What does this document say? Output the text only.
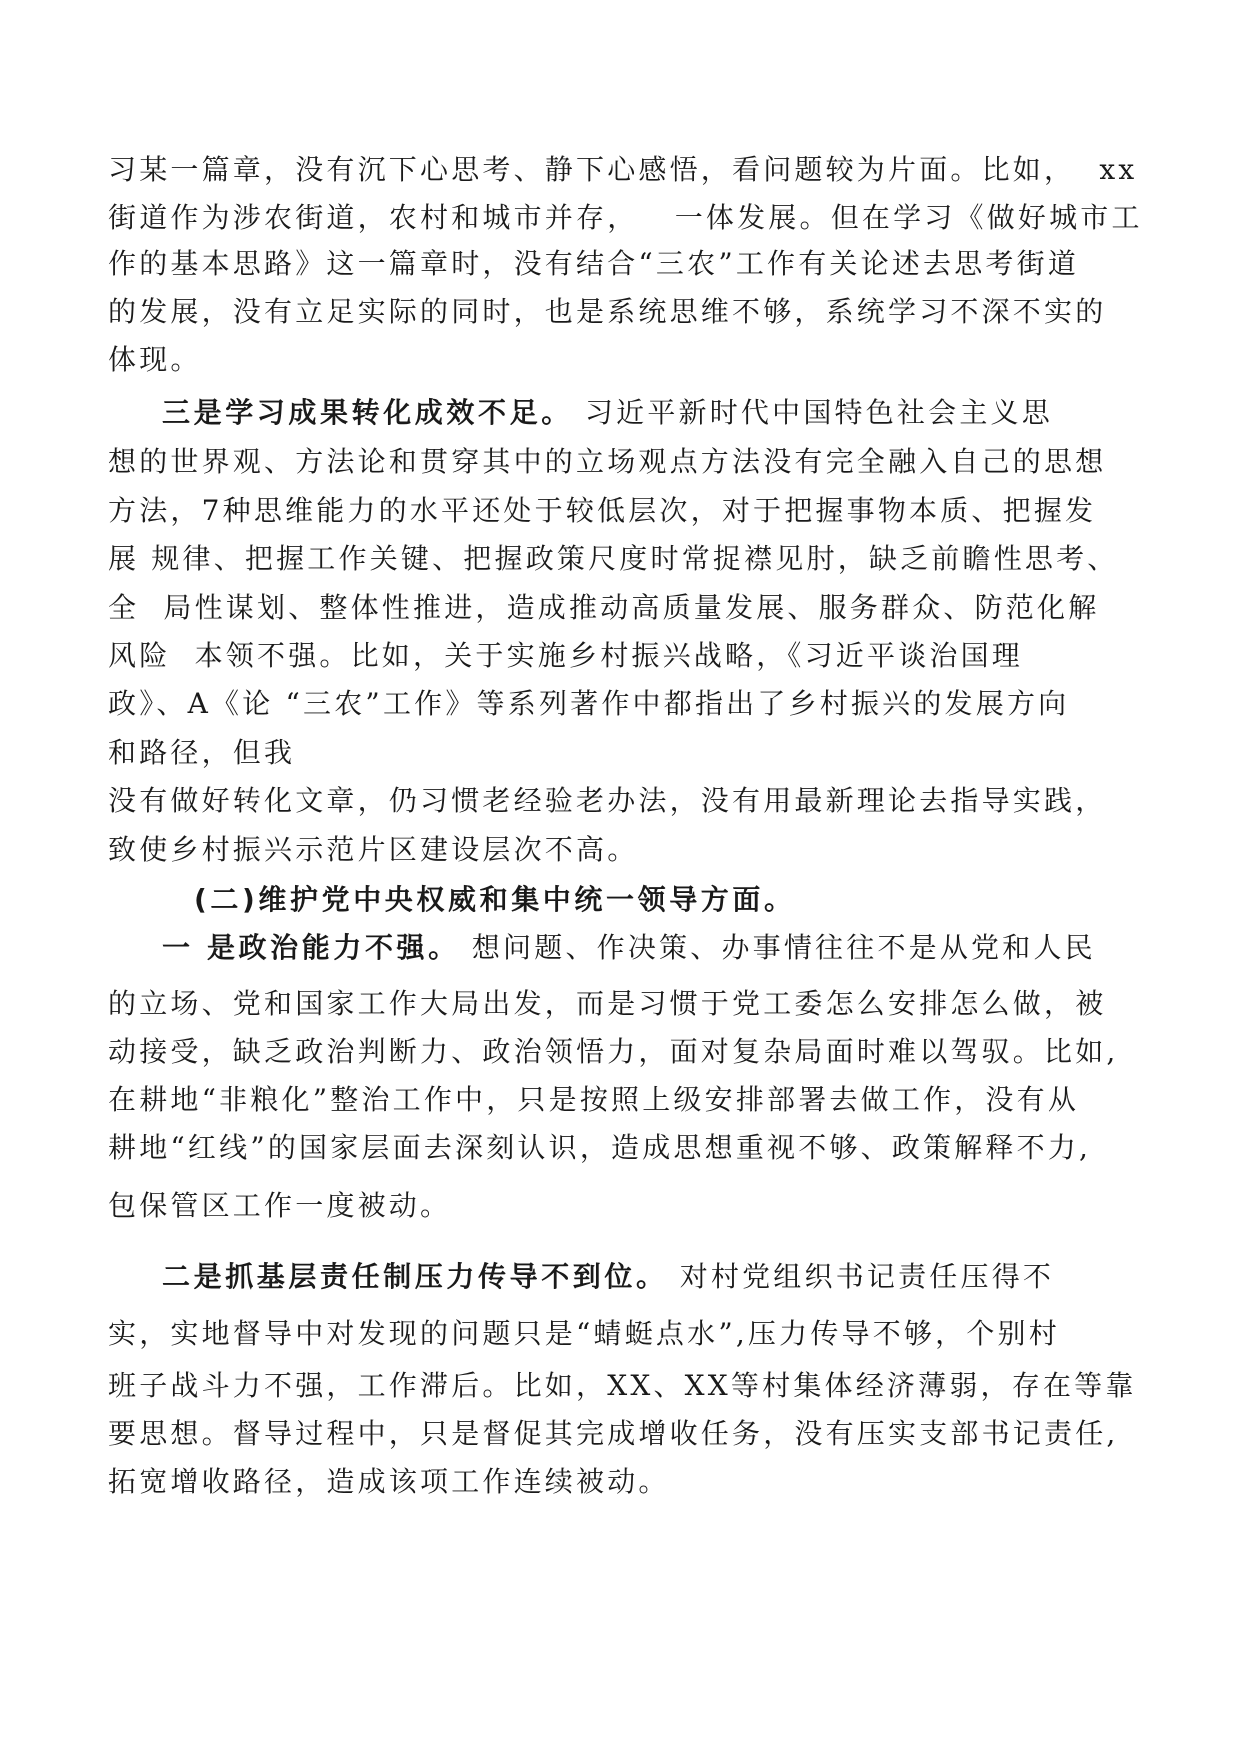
习某一篇章，没有沉下心思考、静下心感悟，看问题较为片面。比如，  xx
街道作为涉农街道，农村和城市并存，   一体发展。但在学习《做好城市工
作的基本思路》这一篇章时，没有结合“三农”工作有关论述去思考街道
的发展，没有立足实际的同时，也是系统思维不够，系统学习不深不实的
体现。
三是学习成果转化成效不足。 习近平新时代中国特色社会主义思
想的世界观、方法论和贯穿其中的立场观点方法没有完全融入自己的思想
方法，7种思维能力的水平还处于较低层次，对于把握事物本质、把握发
展 规律、把握工作关键、把握政策尺度时常捉襟见肘，缺乏前瞻性思考、
全  局性谋划、整体性推进，造成推动高质量发展、服务群众、防范化解
风险  本领不强。比如，关于实施乡村振兴战略，《习近平谈治国理
政》、A《论 “三农”工作》等系列著作中都指出了乡村振兴的发展方向
和路径，但我
没有做好转化文章，仍习惯老经验老办法，没有用最新理论去指导实践，
致使乡村振兴示范片区建设层次不高。
(二)维护党中央权威和集中统一领导方面。
一 是政治能力不强。 想问题、作决策、办事情往往不是从党和人民
的立场、党和国家工作大局出发，而是习惯于党工委怎么安排怎么做，被
动接受，缺乏政治判断力、政治领悟力，面对复杂局面时难以驾驭。比如,
在耕地“非粮化”整治工作中，只是按照上级安排部署去做工作，没有从
耕地“红线”的国家层面去深刻认识，造成思想重视不够、政策解释不力,
包保管区工作一度被动。
二是抓基层责任制压力传导不到位。 对村党组织书记责任压得不
实，实地督导中对发现的问题只是“蜻蜓点水”,压力传导不够，个别村
班子战斗力不强，工作滞后。比如，XX、XX等村集体经济薄弱，存在等靠
要思想。督导过程中，只是督促其完成增收任务，没有压实支部书记责任,
拓宽增收路径，造成该项工作连续被动。
